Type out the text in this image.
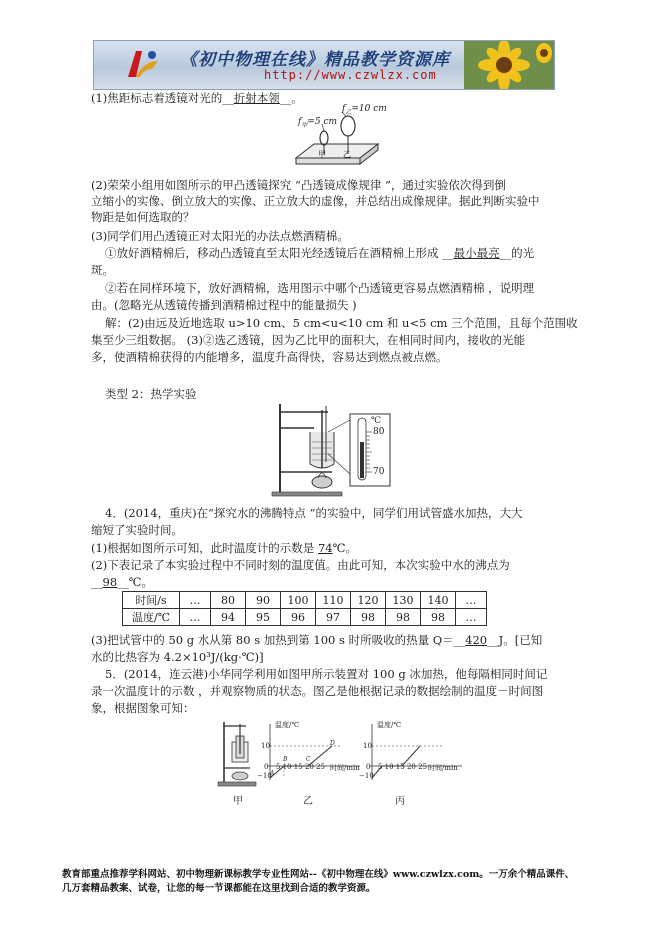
《初中物理在线》精品教学资源库
http://www.czwlzx.com
(1)焦距标志着透镜对光的__折射本领__。
$f_乙=10$ cm
$f_甲=5$ cm
甲 乙
(2)荣荣小组用如图所示的甲凸透镜探究 “凸透镜成像规律 ”，通过实验依次得到倒
立缩小的实像、倒立放大的实像、正立放大的虚像，并总结出成像规律。据此判断实验中
物距是如何选取的？
(3)同学们用凸透镜正对太阳光的办法点燃酒精棉。
①放好酒精棉后，移动凸透镜直至太阳光经透镜后在酒精棉上形成 __最小最亮__的光
斑。
②若在同样环境下，放好酒精棉，选用图示中哪个凸透镜更容易点燃酒精棉 ，说明理
由。(忽略光从透镜传播到酒精棉过程中的能量损失 )
解：(2)由远及近地选取 u>10 cm、5 cm<u<10 cm 和 u<5 cm 三个范围，且每个范围收
集至少三组数据。 (3)②选乙透镜，因为乙比甲的面积大，在相同时间内，接收的光能
多，使酒精棉获得的内能增多，温度升高得快，容易达到燃点被点燃。
类型 2：热学实验
℃
80
70
4．(2014，重庆)在“探究水的沸腾特点 ”的实验中，同学们用试管盛水加热，大大
缩短了实验时间。
(1)根据如图所示可知，此时温度计的示数是 74℃。
(2)下表记录了本实验过程中不同时刻的温度值。由此可知，本次实验中水的沸点为
__98__℃。
时间/s	…	80	90	100	110	120	130	140	…
温度/℃	…	94	95	96	97	98	98	98	…
(3)把试管中的 50 g 水从第 80 s 加热到第 100 s 时所吸收的热量 Q＝__420__J。[已知
水的比热容为 4.2×10³J/(kg·℃)]
5．(2014，连云港)小华同学利用如图甲所示装置对 100 g 冰加热，他每隔相同时间记
录一次温度计的示数 ，并观察物质的状态。图乙是他根据记录的数据绘制的温度－时间图
象，根据图象可知：
温度/℃
10
−10
0 5 10 15 20 25 时间/min
A
B	C
D
温度/℃
10
−10
0 5 10 15 20 25 时间/min
甲	乙	丙
教育部重点推荐学科网站、初中物理新课标教学专业性网站--《初中物理在线》www.czwlzx.com。一万余个精品课件、
几万套精品教案、试卷，让您的每一节课都能在这里找到合适的教学资源。
